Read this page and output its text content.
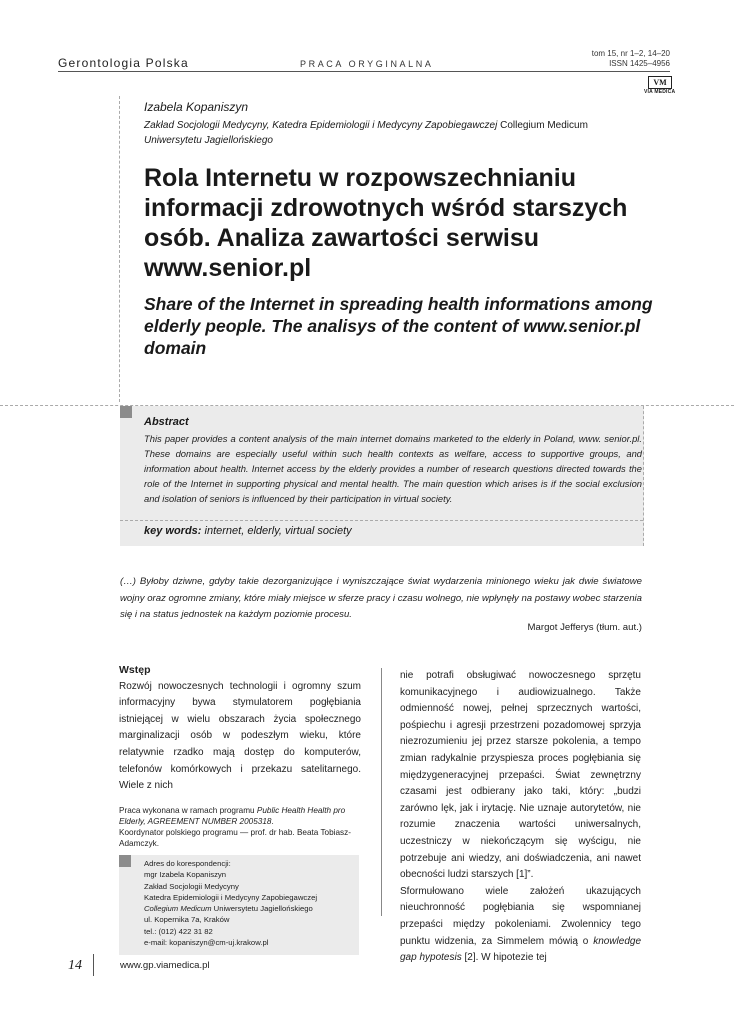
Gerontologia Polska	PRACA ORYGINALNA
tom 15, nr 1–2, 14–20
ISSN 1425–4956
VM
VIA MEDICA
Izabela Kopaniszyn
Zakład Socjologii Medycyny, Katedra Epidemiologii i Medycyny Zapobiegawczej Collegium Medicum
Uniwersytetu Jagiellońskiego
Rola Internetu w rozpowszechnianiu informacji zdrowotnych wśród starszych osób. Analiza zawartości serwisu www.senior.pl
Share of the Internet in spreading health informations among elderly people. The analisys of the content of www.senior.pl domain
Abstract
This paper provides a content analysis of the main internet domains marketed to the elderly in Poland, www. senior.pl. These domains are especially useful within such health contexts as welfare, access to supportive groups, and information about health. Internet access by the elderly provides a number of research questions directed towards the role of the Internet in supporting physical and mental health. The main question which arises is if the social exclusion and isolation of seniors is influenced by their participation in virtual society.
key words: internet, elderly, virtual society
(…) Byłoby dziwne, gdyby takie dezorganizujące i wyniszczające świat wydarzenia minionego wieku jak dwie światowe wojny oraz ogromne zmiany, które miały miejsce w sferze pracy i czasu wolnego, nie wpłynęły na postawy wobec starzenia się i na status jednostek na każdym poziomie procesu.
Margot Jefferys (tłum. aut.)
Wstęp
Rozwój nowoczesnych technologii i ogromny szum informacyjny bywa stymulatorem pogłębiania istniejącej w wielu obszarach życia społecznego marginalizacji osób w podeszłym wieku, które relatywnie rzadko mają dostęp do komputerów, telefonów komórkowych i przekazu satelitarnego. Wiele z nich
Praca wykonana w ramach programu Public Health Health pro Elderly, AGREEMENT NUMBER 2005318.
Koordynator polskiego programu — prof. dr hab. Beata Tobiasz-Adamczyk.
Adres do korespondencji:
mgr Izabela Kopaniszyn
Zakład Socjologii Medycyny
Katedra Epidemiologii i Medycyny Zapobiegawczej
Collegium Medicum Uniwersytetu Jagiellońskiego
ul. Kopernika 7a, Kraków
tel.: (012) 422 31 82
e-mail: kopaniszyn@cm-uj.krakow.pl
nie potrafi obsługiwać nowoczesnego sprzętu komunikacyjnego i audiowizualnego. Także odmienność nowej, pełnej sprzecznych wartości, pośpiechu i agresji przestrzeni pozadomowej sprzyja niezrozumieniu jej przez starsze pokolenia, a tempo zmian radykalnie przyspiesza proces pogłębiania się międzygeneracyjnej przepaści. Świat zewnętrzny czasami jest odbierany jako taki, który: „budzi zarówno lęk, jak i irytację. Nie uznaje autorytetów, nie rozumie znaczenia wartości uniwersalnych, uczestniczy w niekończącym się wyścigu, nie potrzebuje ani wiedzy, ani doświadczenia, ani nawet obecności ludzi starszych [1]”.
Sformułowano wiele założeń ukazujących nieuchronność pogłębiania się wspomnianej przepaści między pokoleniami. Zwolennicy tego punktu widzenia, za Simmelem mówią o knowledge gap hypotesis [2]. W hipotezie tej
14	www.gp.viamedica.pl
